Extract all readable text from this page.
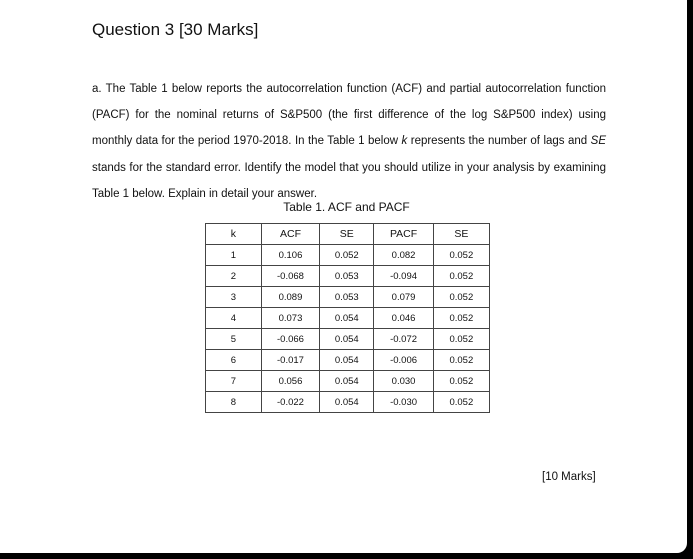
Question 3 [30 Marks]
a. The Table 1 below reports the autocorrelation function (ACF) and partial autocorrelation function (PACF) for the nominal returns of S&P500 (the first difference of the log S&P500 index) using monthly data for the period 1970-2018. In the Table 1 below k represents the number of lags and SE stands for the standard error. Identify the model that you should utilize in your analysis by examining Table 1 below. Explain in detail your answer.
Table 1. ACF and PACF
k	ACF	SE	PACF	SE
1	0.106	0.052	0.082	0.052
2	-0.068	0.053	-0.094	0.052
3	0.089	0.053	0.079	0.052
4	0.073	0.054	0.046	0.052
5	-0.066	0.054	-0.072	0.052
6	-0.017	0.054	-0.006	0.052
7	0.056	0.054	0.030	0.052
8	-0.022	0.054	-0.030	0.052
[10 Marks]
